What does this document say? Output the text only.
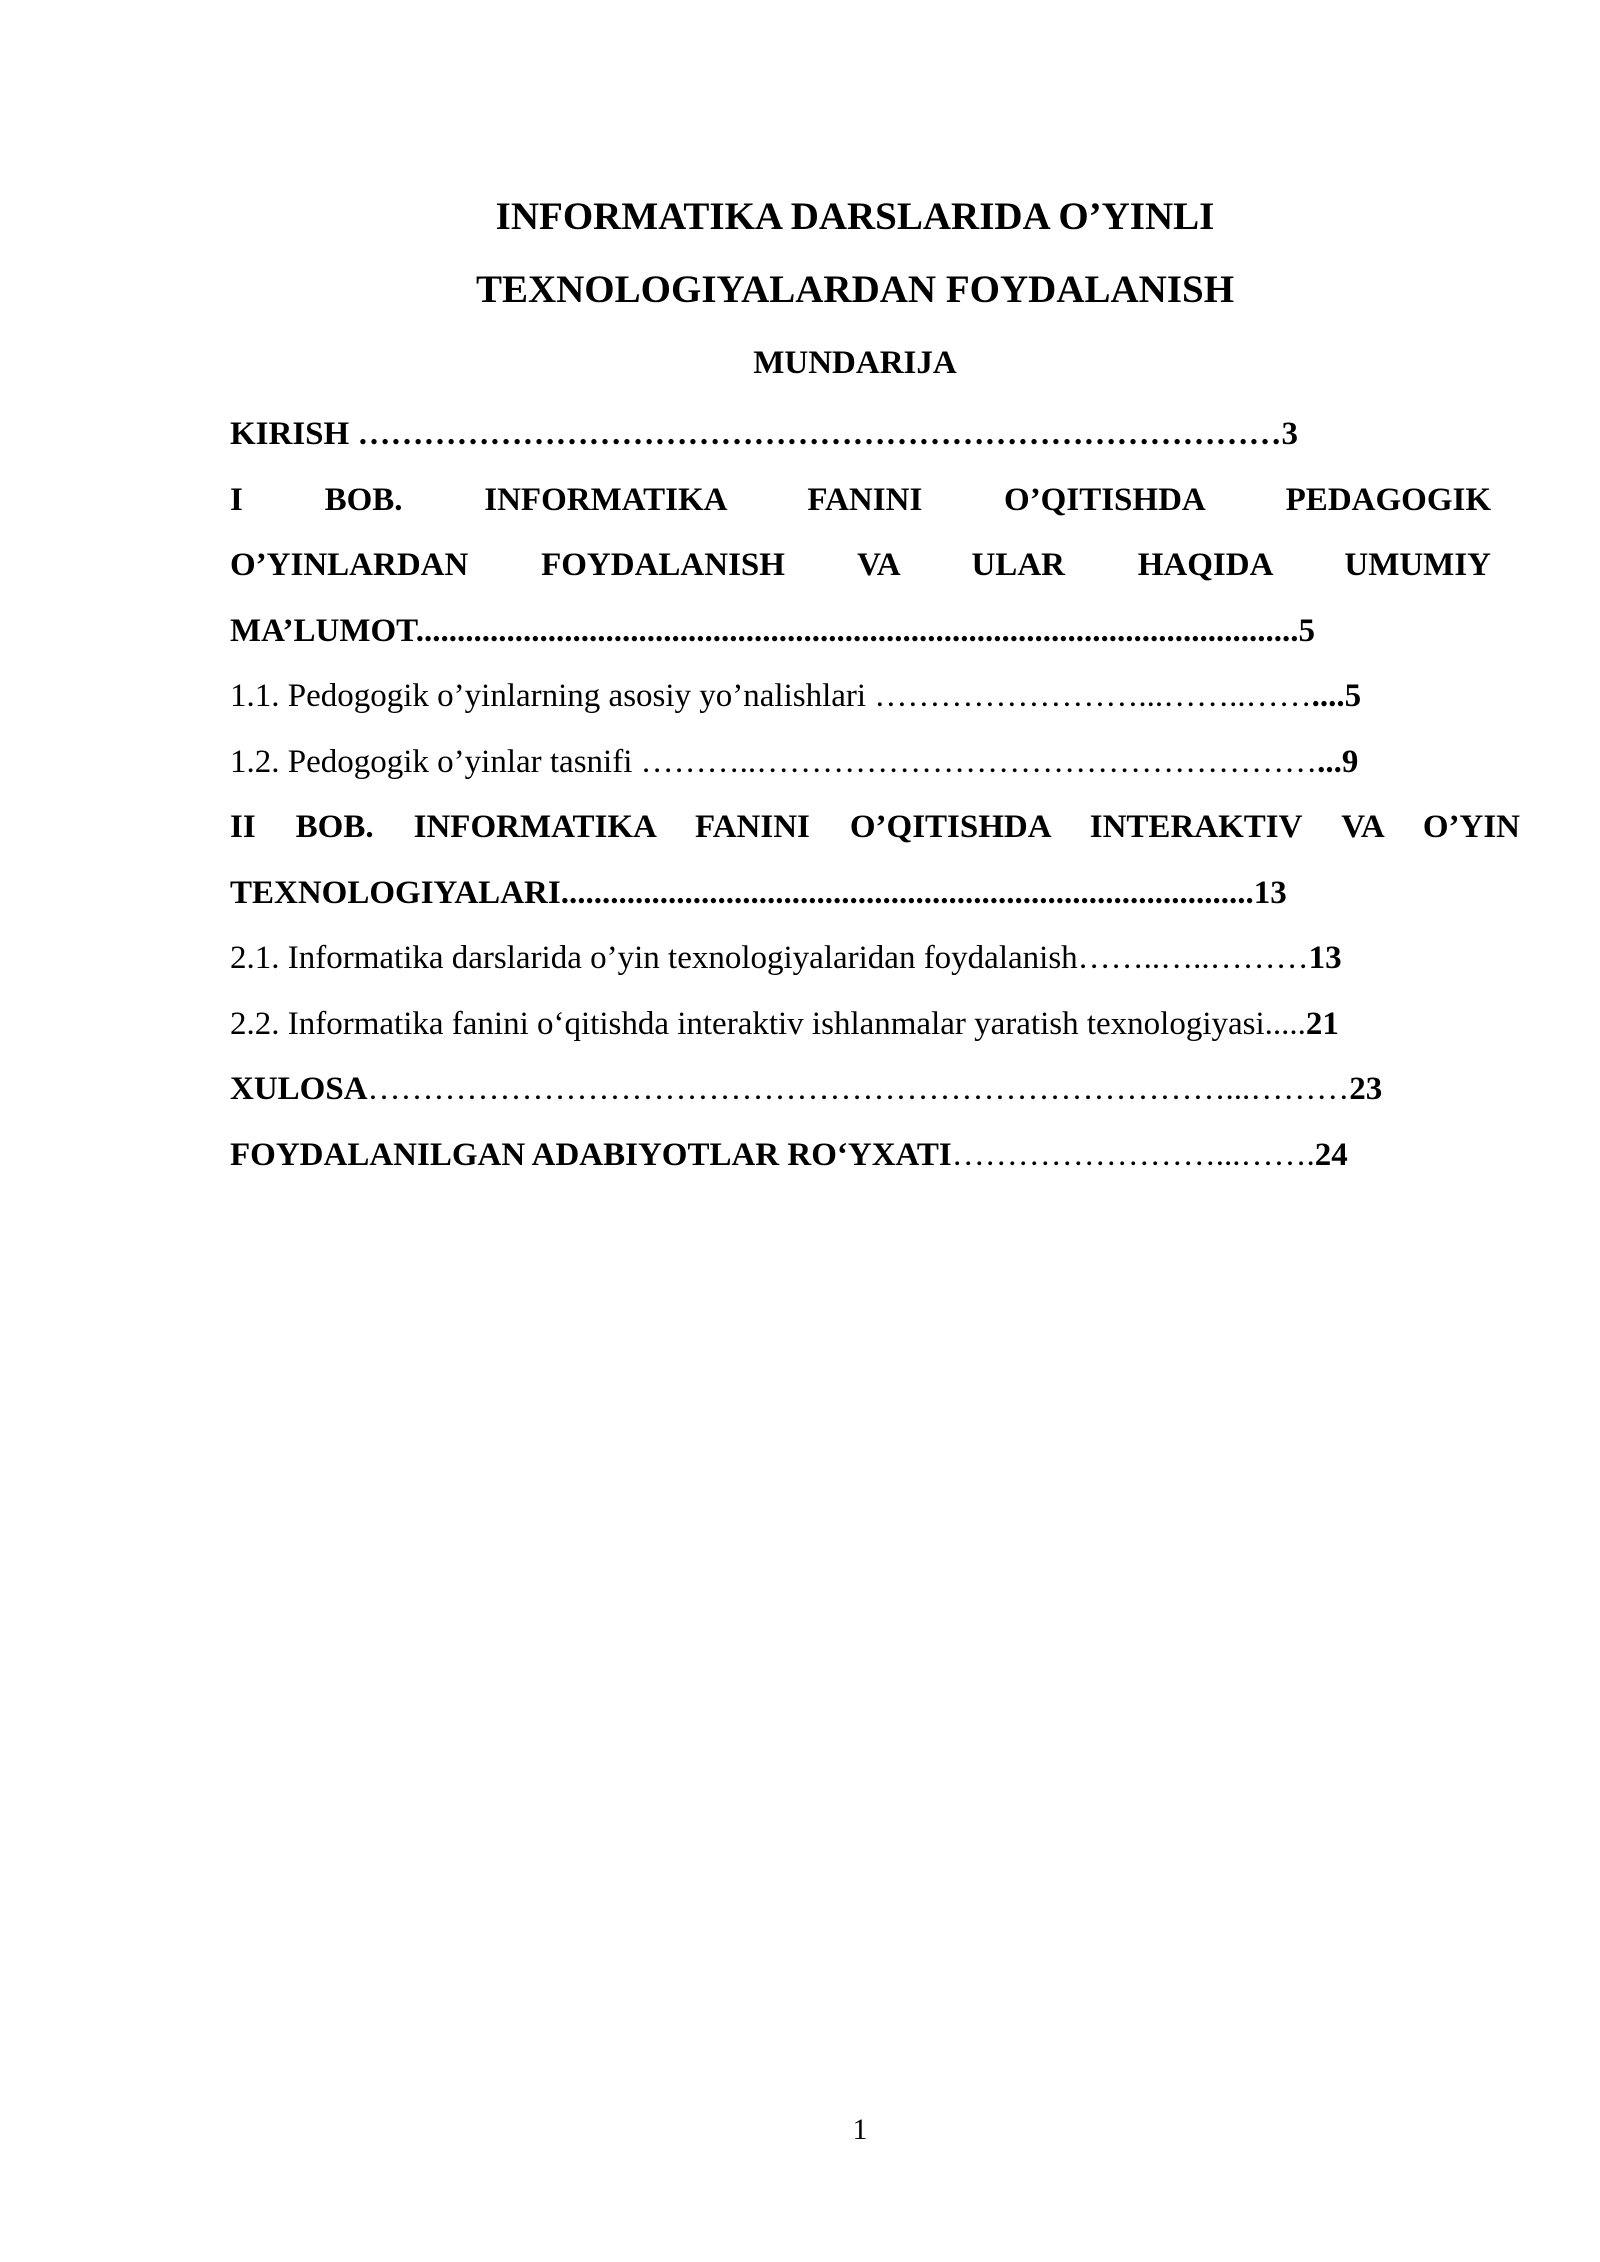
INFORMATIKA DARSLARIDA O’YINLI
TEXNOLOGIYALARDAN FOYDALANISH
MUNDARIJA
KIRISH …………………………………………………………………………3
I BOB. INFORMATIKA FANINI O’QITISHDA PEDAGOGIK
O’YINLARDAN FOYDALANISH VA ULAR HAQIDA UMUMIY
MA’LUMOT...........................................................................................................5
1.1. Pedogogik o’yinlarning asosiy yo’nalishlari ……………………...……..……....5
1.2. Pedogogik o’yinlar tasnifi ………..……………………………………………...9
II BOB. INFORMATIKA FANINI O’QITISHDA INTERAKTIV VA O’YIN
TEXNOLOGIYALARI....................................................................................13
2.1. Informatika darslarida o’yin texnologiyalaridan foydalanish……..…..………13
2.2. Informatika fanini o‘qitishda interaktiv ishlanmalar yaratish texnologiyasi.....21
XULOSA……………………………………………………………………...………23
FOYDALANILGAN ADABIYOTLAR RO‘YXATI……………………...…….24
1
